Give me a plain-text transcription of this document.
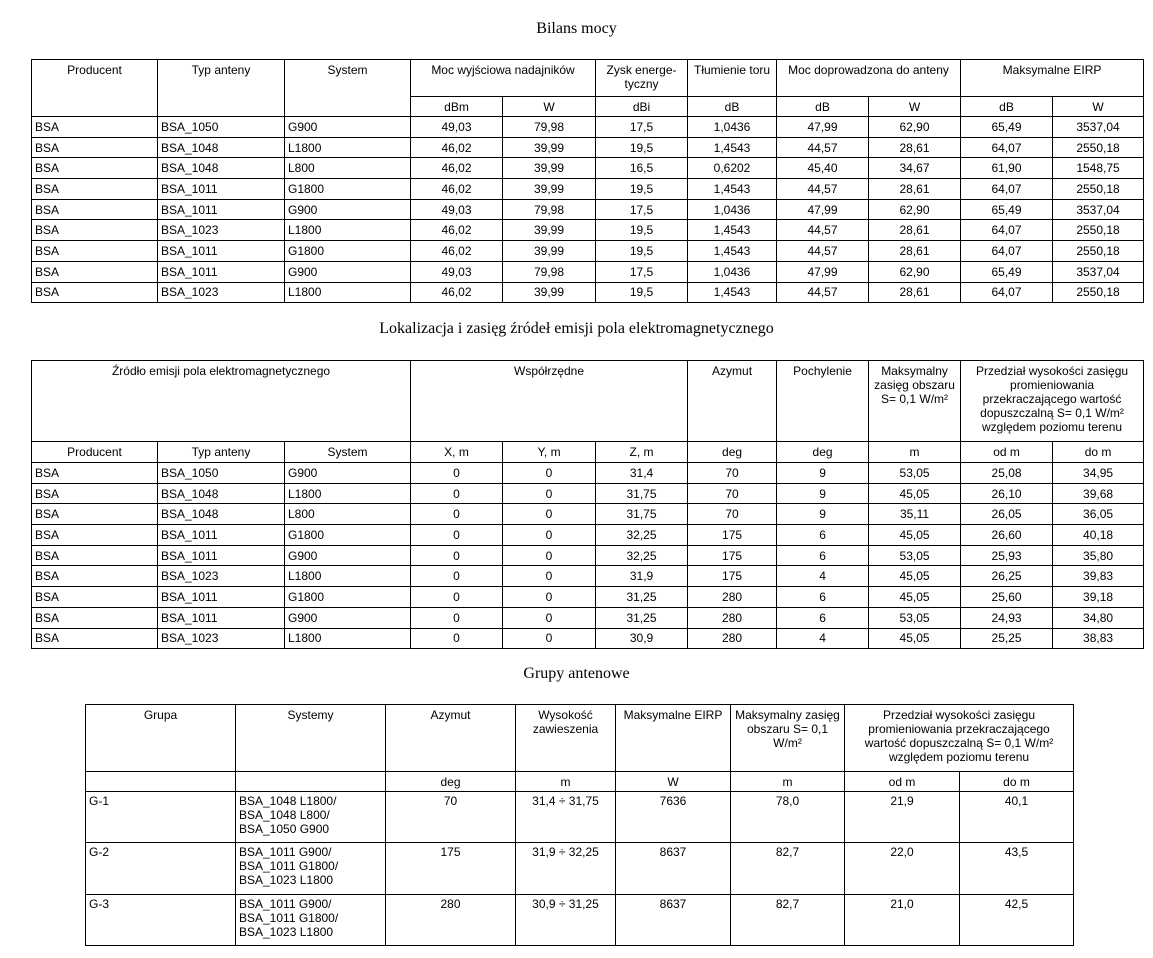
Bilans mocy
Producent	Typ anteny	System	Moc wyjściowa nadajników		Zysk energe-tyczny	Tłumienie toru	Moc doprowadzona do anteny		Maksymalne EIRP	
			dBm	W	dBi	dB	dB	W	dB	W
BSA	BSA_1050	G900	49,03	79,98	17,5	1,0436	47,99	62,90	65,49	3537,04
BSA	BSA_1048	L1800	46,02	39,99	19,5	1,4543	44,57	28,61	64,07	2550,18
BSA	BSA_1048	L800	46,02	39,99	16,5	0,6202	45,40	34,67	61,90	1548,75
BSA	BSA_1011	G1800	46,02	39,99	19,5	1,4543	44,57	28,61	64,07	2550,18
BSA	BSA_1011	G900	49,03	79,98	17,5	1,0436	47,99	62,90	65,49	3537,04
BSA	BSA_1023	L1800	46,02	39,99	19,5	1,4543	44,57	28,61	64,07	2550,18
BSA	BSA_1011	G1800	46,02	39,99	19,5	1,4543	44,57	28,61	64,07	2550,18
BSA	BSA_1011	G900	49,03	79,98	17,5	1,0436	47,99	62,90	65,49	3537,04
BSA	BSA_1023	L1800	46,02	39,99	19,5	1,4543	44,57	28,61	64,07	2550,18
Lokalizacja i zasięg źródeł emisji pola elektromagnetycznego
Źródło emisji pola elektromagnetycznego			Współrzędne			Azymut	Pochylenie	Maksymalny zasięg obszaru S= 0,1 W/m²	Przedział wysokości zasięgu promieniowania przekraczającego wartość dopuszczalną S= 0,1 W/m² względem poziomu terenu	
Producent	Typ anteny	System	X, m	Y, m	Z, m	deg	deg	m	od m	do m
BSA	BSA_1050	G900	0	0	31,4	70	9	53,05	25,08	34,95
BSA	BSA_1048	L1800	0	0	31,75	70	9	45,05	26,10	39,68
BSA	BSA_1048	L800	0	0	31,75	70	9	35,11	26,05	36,05
BSA	BSA_1011	G1800	0	0	32,25	175	6	45,05	26,60	40,18
BSA	BSA_1011	G900	0	0	32,25	175	6	53,05	25,93	35,80
BSA	BSA_1023	L1800	0	0	31,9	175	4	45,05	26,25	39,83
BSA	BSA_1011	G1800	0	0	31,25	280	6	45,05	25,60	39,18
BSA	BSA_1011	G900	0	0	31,25	280	6	53,05	24,93	34,80
BSA	BSA_1023	L1800	0	0	30,9	280	4	45,05	25,25	38,83
Grupy antenowe
Grupa	Systemy	Azymut	Wysokość zawieszenia	Maksymalne EIRP	Maksymalny zasięg obszaru S= 0,1 W/m²	Przedział wysokości zasięgu promieniowania przekraczającego wartość dopuszczalną S= 0,1 W/m² względem poziomu terenu	
		deg	m	W	m	od m	do m
G-1	BSA_1048 L1800/
BSA_1048 L800/
BSA_1050 G900	70	31,4 ÷ 31,75	7636	78,0	21,9	40,1
G-2	BSA_1011 G900/
BSA_1011 G1800/
BSA_1023 L1800	175	31,9 ÷ 32,25	8637	82,7	22,0	43,5
G-3	BSA_1011 G900/
BSA_1011 G1800/
BSA_1023 L1800	280	30,9 ÷ 31,25	8637	82,7	21,0	42,5
